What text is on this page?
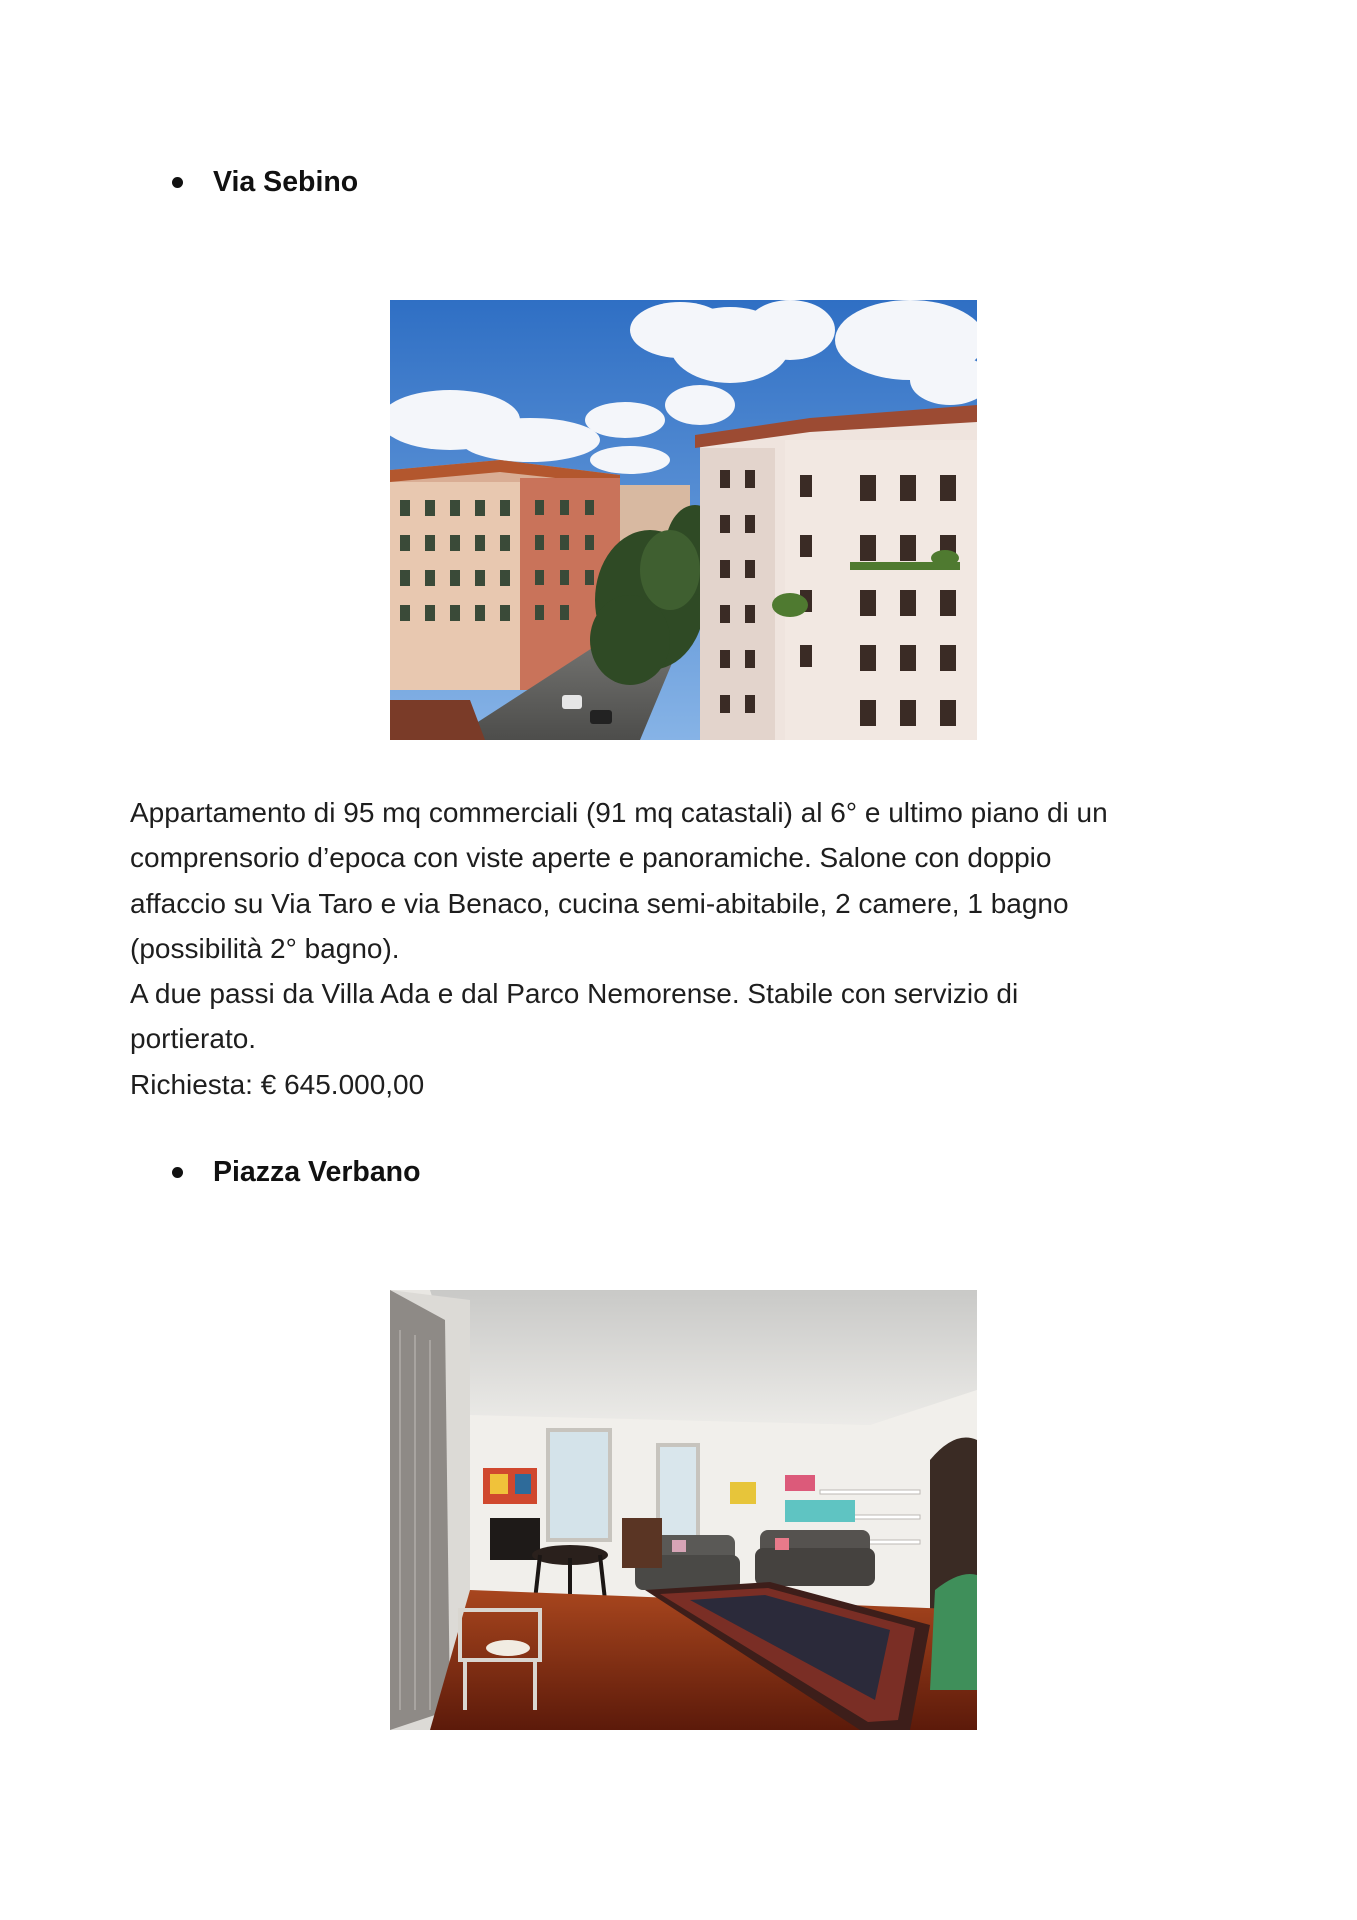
Via Sebino

Appartamento di 95 mq commerciali (91 mq catastali) al 6° e ultimo piano di un

comprensorio d’epoca con viste aperte e panoramiche. Salone con doppio

affaccio su Via Taro e via Benaco, cucina semi-abitabile, 2 camere, 1 bagno

(possibilità 2° bagno).

A due passi da Villa Ada e dal Parco Nemorense. Stabile con servizio di

portierato.

Richiesta: € 645.000,00

Piazza Verbano
